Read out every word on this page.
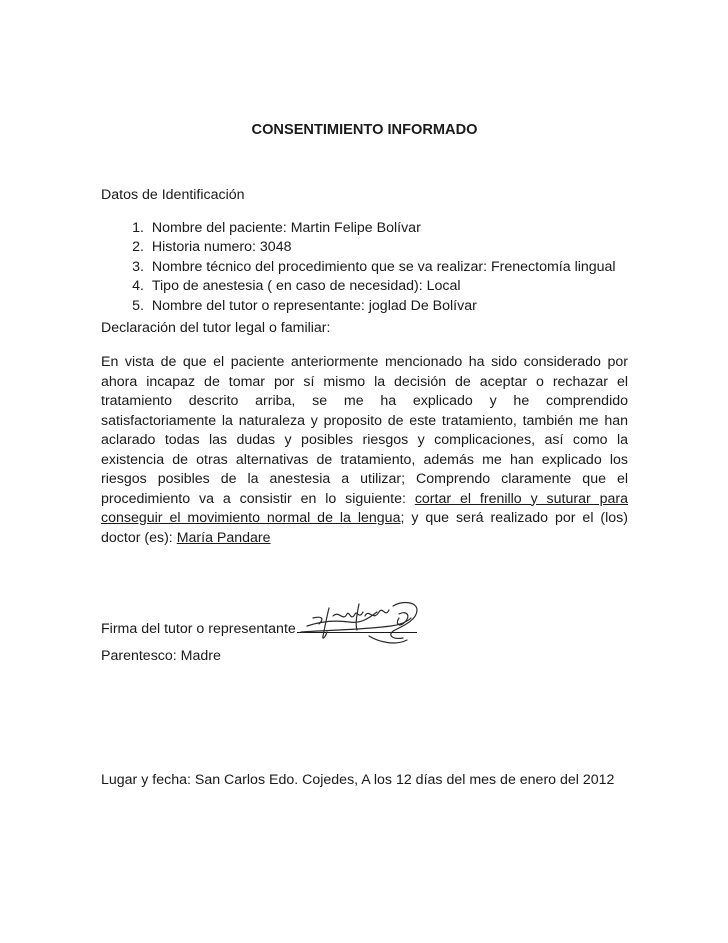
CONSENTIMIENTO INFORMADO

Datos de Identificación

1. Nombre del paciente: Martin Felipe Bolívar
2. Historia numero: 3048
3. Nombre técnico del procedimiento que se va realizar: Frenectomía lingual
4. Tipo de anestesia ( en caso de necesidad): Local
5. Nombre del tutor o representante: joglad De Bolívar

Declaración del tutor legal o familiar:

En vista de que el paciente anteriormente mencionado ha sido considerado por
ahora incapaz de tomar por sí mismo la decisión de aceptar o rechazar el
tratamiento descrito arriba, se me ha explicado y he comprendido
satisfactoriamente la naturaleza y proposito de este tratamiento, también me han
aclarado todas las dudas y posibles riesgos y complicaciones, así como la
existencia de otras alternativas de tratamiento, además me han explicado los
riesgos posibles de la anestesia a utilizar; Comprendo claramente que el
procedimiento va a consistir en lo siguiente: cortar el frenillo y suturar para
conseguir el movimiento normal de la lengua; y que será realizado por el (los)
doctor (es): María Pandare
Firma del tutor o representante
Parentesco: Madre
Lugar y fecha: San Carlos Edo. Cojedes, A los 12 días del mes de enero del 2012
